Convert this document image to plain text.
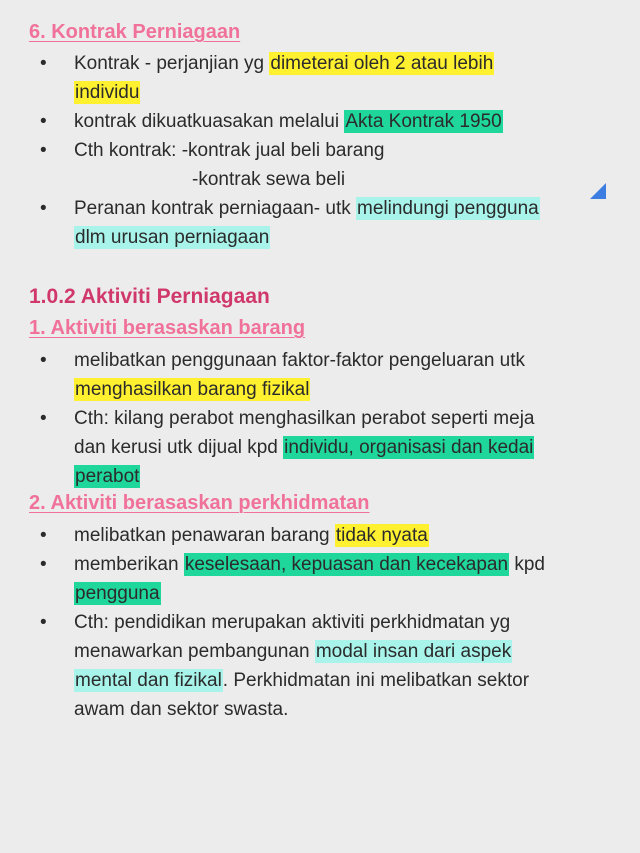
6. Kontrak Perniagaan
• Kontrak - perjanjian yg dimeterai oleh 2 atau lebih
individu
• kontrak dikuatkuasakan melalui Akta Kontrak 1950
• Cth kontrak: -kontrak jual beli barang
-kontrak sewa beli
• Peranan kontrak perniagaan- utk melindungi pengguna
dlm urusan perniagaan
1.0.2 Aktiviti Perniagaan
1. Aktiviti berasaskan barang
• melibatkan penggunaan faktor-faktor pengeluaran utk
menghasilkan barang fizikal
• Cth: kilang perabot menghasilkan perabot seperti meja
dan kerusi utk dijual kpd individu, organisasi dan kedai
perabot
2. Aktiviti berasaskan perkhidmatan
• melibatkan penawaran barang tidak nyata
• memberikan keselesaan, kepuasan dan kecekapan kpd
pengguna
• Cth: pendidikan merupakan aktiviti perkhidmatan yg
menawarkan pembangunan modal insan dari aspek
mental dan fizikal. Perkhidmatan ini melibatkan sektor
awam dan sektor swasta.
